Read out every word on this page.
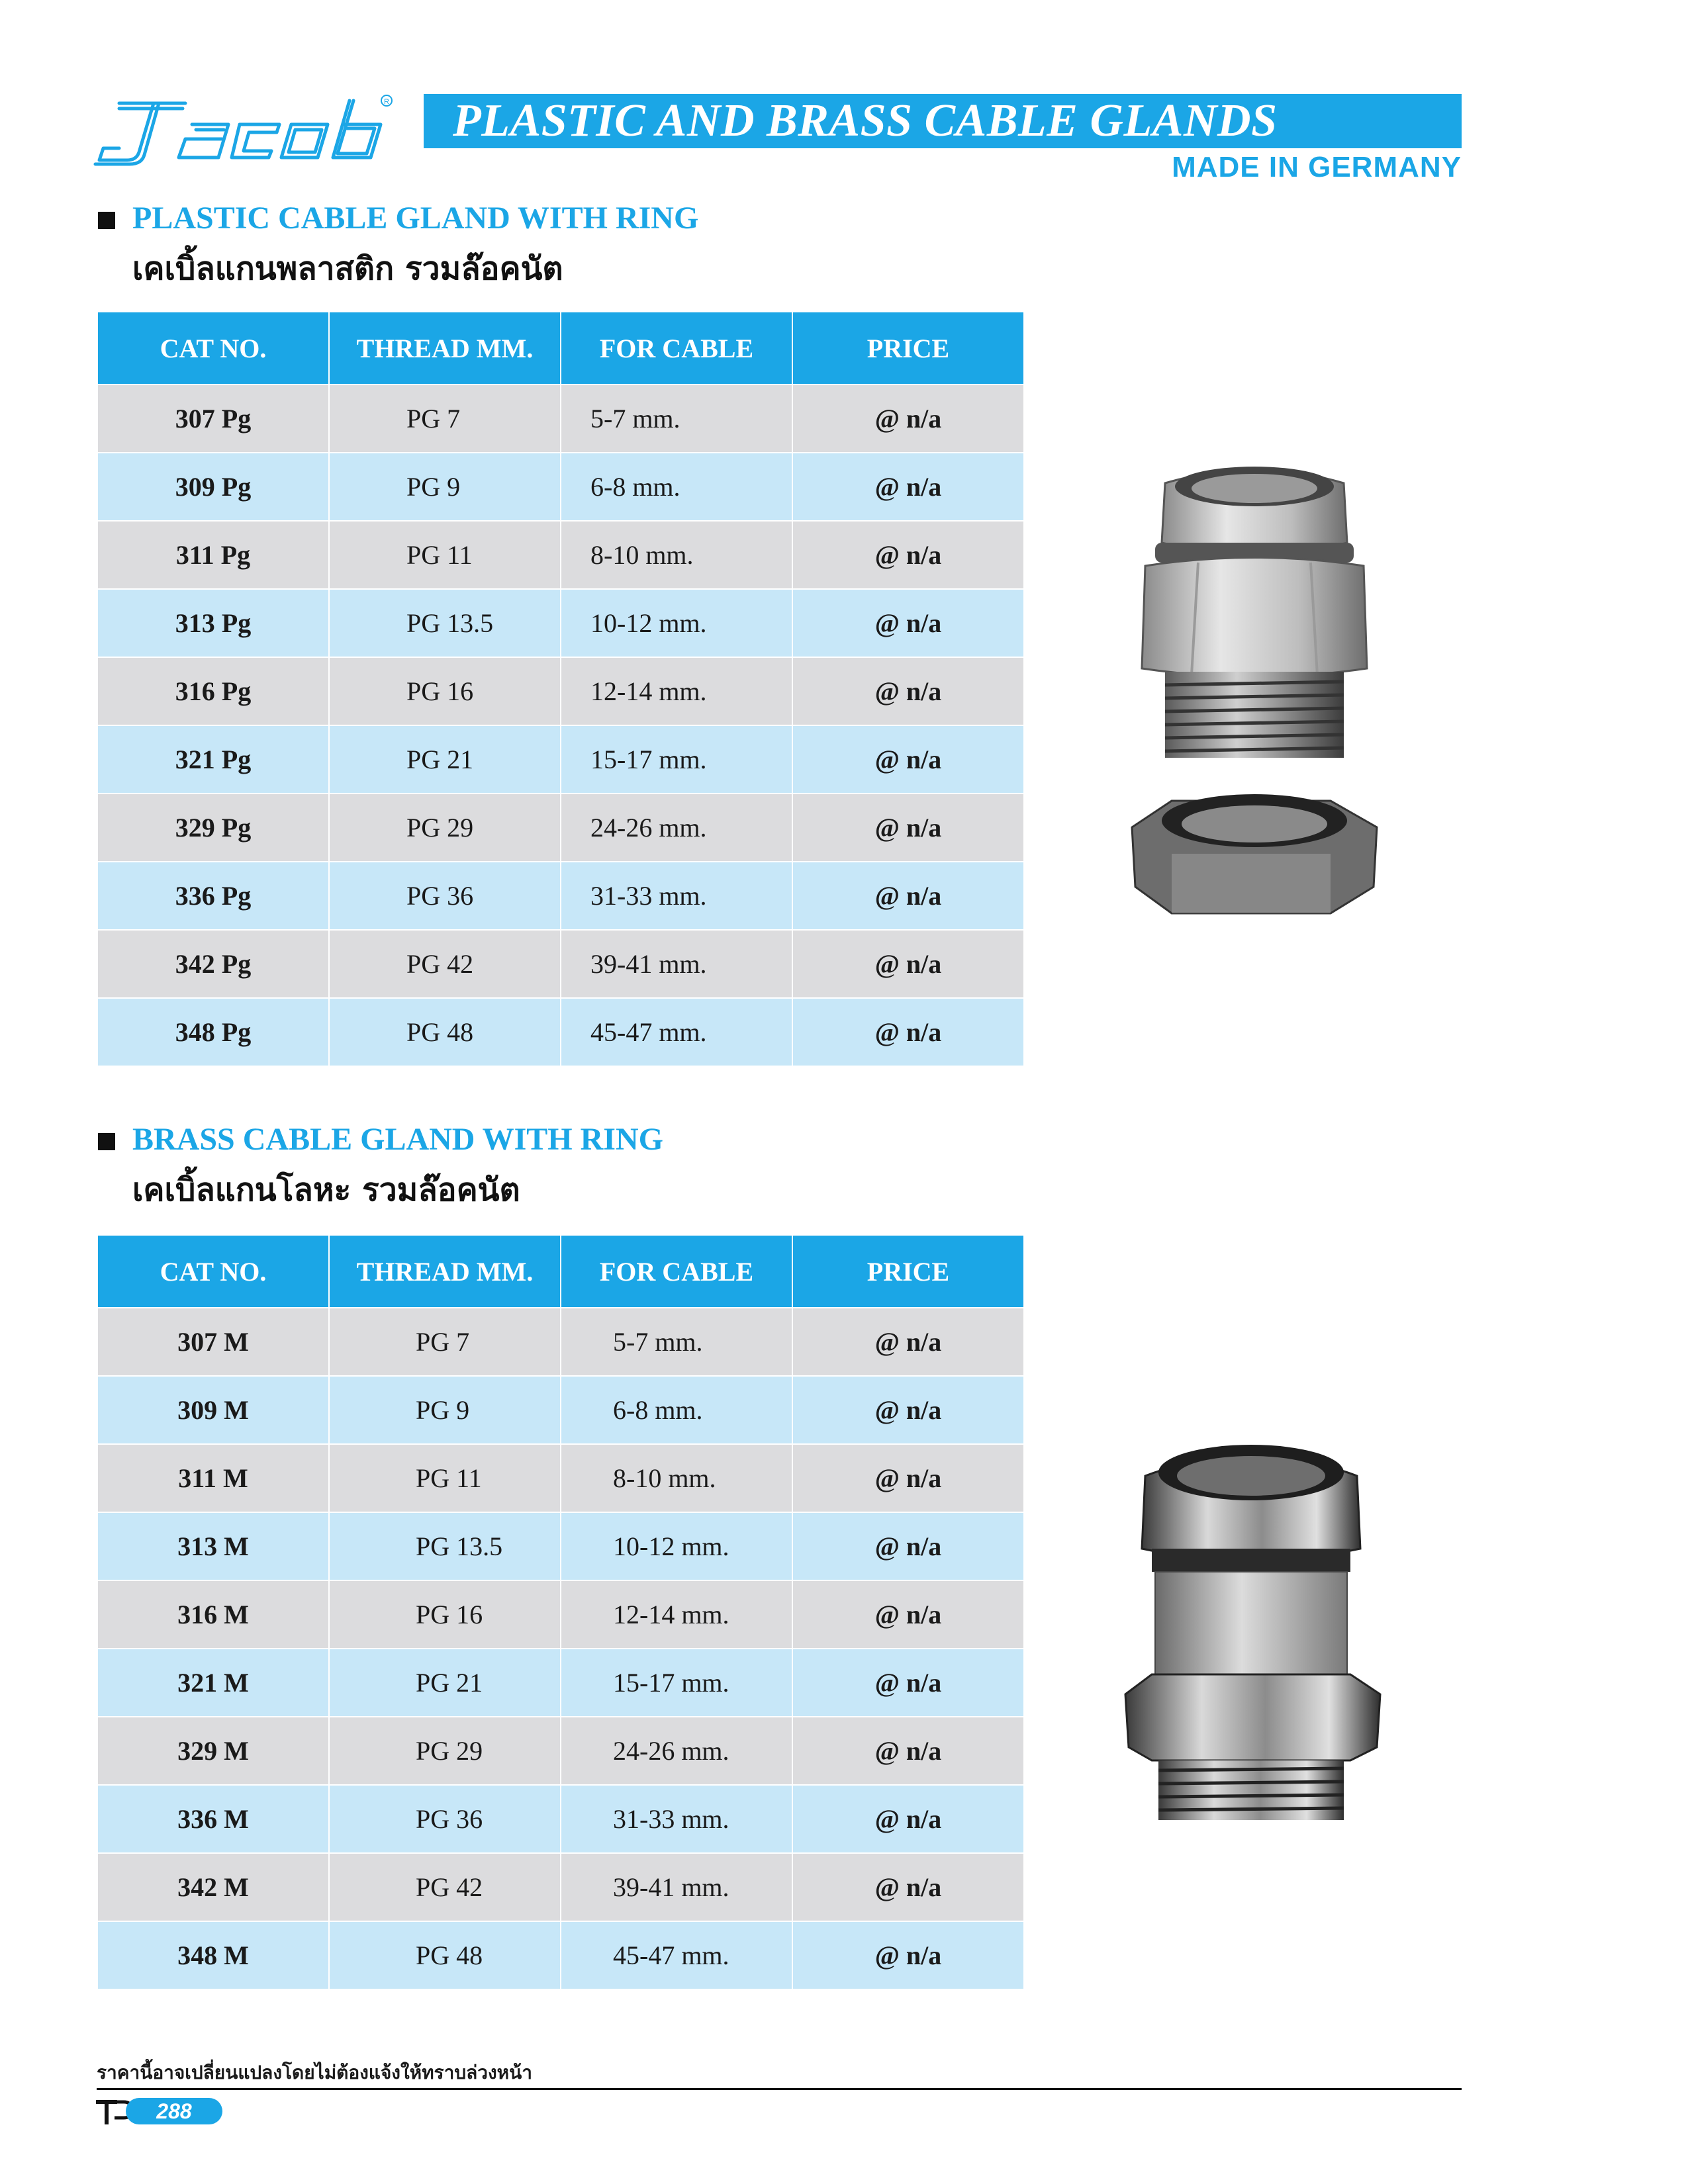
R	PLASTIC AND BRASS CABLE GLANDS
MADE IN GERMANY
PLASTIC CABLE GLAND WITH RING
เคเบิ้ลแกนพลาสติก รวมล๊อคนัต
CAT NO.	THREAD MM.	FOR CABLE	PRICE
307 Pg	PG 7	5-7 mm.	@ n/a
309 Pg	PG 9	6-8 mm.	@ n/a
311 Pg	PG 11	8-10 mm.	@ n/a
313 Pg	PG 13.5	10-12 mm.	@ n/a
316 Pg	PG 16	12-14 mm.	@ n/a
321 Pg	PG 21	15-17 mm.	@ n/a
329 Pg	PG 29	24-26 mm.	@ n/a
336 Pg	PG 36	31-33 mm.	@ n/a
342 Pg	PG 42	39-41 mm.	@ n/a
348 Pg	PG 48	45-47 mm.	@ n/a
BRASS CABLE GLAND WITH RING
เคเบิ้ลแกนโลหะ รวมล๊อคนัต
CAT NO.	THREAD MM.	FOR CABLE	PRICE
307 M	PG 7	5-7 mm.	@ n/a
309 M	PG 9	6-8 mm.	@ n/a
311 M	PG 11	8-10 mm.	@ n/a
313 M	PG 13.5	10-12 mm.	@ n/a
316 M	PG 16	12-14 mm.	@ n/a
321 M	PG 21	15-17 mm.	@ n/a
329 M	PG 29	24-26 mm.	@ n/a
336 M	PG 36	31-33 mm.	@ n/a
342 M	PG 42	39-41 mm.	@ n/a
348 M	PG 48	45-47 mm.	@ n/a
ราคานี้อาจเปลี่ยนแปลงโดยไม่ต้องแจ้งให้ทราบล่วงหน้า
288
